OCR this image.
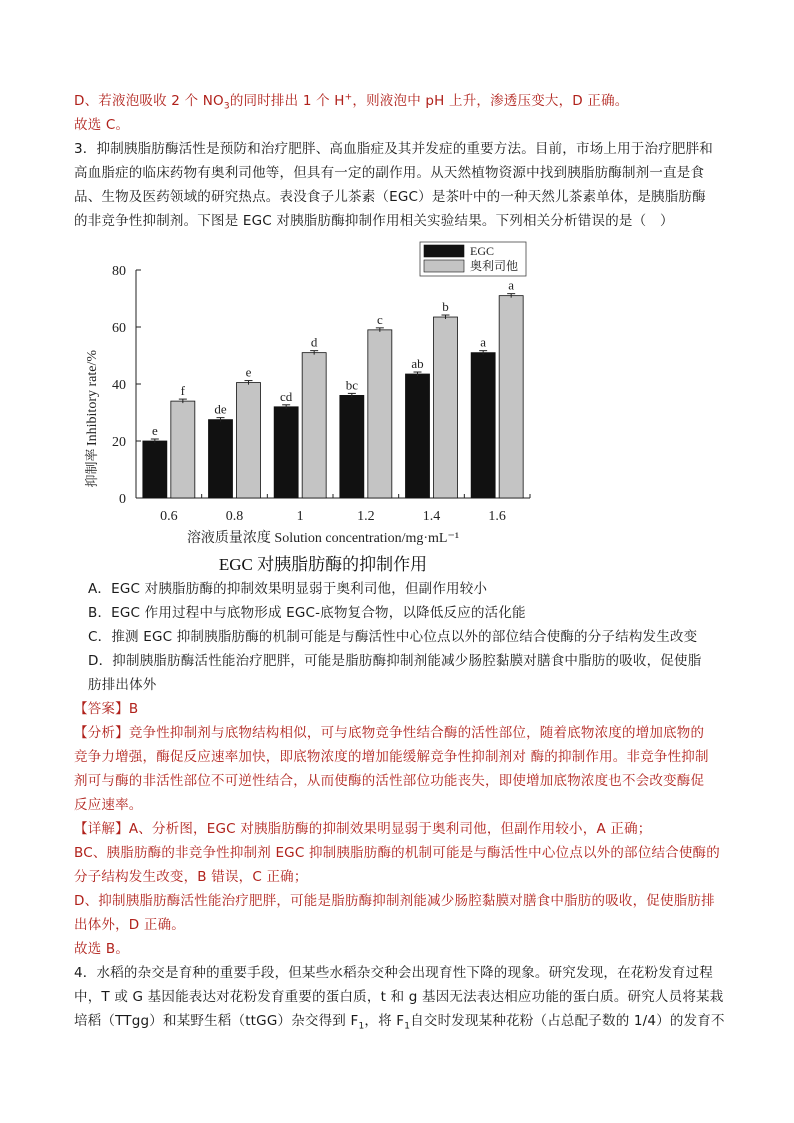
D、若液泡吸收 2 个 $NO_3$的同时排出 1 个 H+，则液泡中 pH 上升，渗透压变大，D 正确。
故选 C。
3．抑制胰脂肪酶活性是预防和治疗肥胖、高血脂症及其并发症的重要方法。目前，市场上用于治疗肥胖和
高血脂症的临床药物有奥利司他等，但具有一定的副作用。从天然植物资源中找到胰脂肪酶制剂一直是食
品、生物及医药领域的研究热点。表没食子儿茶素（EGC）是茶叶中的一种天然儿茶素单体，是胰脂肪酶
的非竞争性抑制剂。下图是 EGC 对胰脂肪酶抑制作用相关实验结果。下列相关分析错误的是（　）
0
20
40
60
80
0.6
e
f
0.8
de
e
1
cd
d
1.2
bc
c
1.4
ab
b
1.6
a
a
Inhibitory rate/%
抑制率
溶液质量浓度 Solution concentration/mg·mL⁻¹
EGC 对胰脂肪酶的抑制作用
EGC
奥利司他
A．EGC 对胰脂肪酶的抑制效果明显弱于奥利司他，但副作用较小
B．EGC 作用过程中与底物形成 EGC-底物复合物，以降低反应的活化能
C．推测 EGC 抑制胰脂肪酶的机制可能是与酶活性中心位点以外的部位结合使酶的分子结构发生改变
D．抑制胰脂肪酶活性能治疗肥胖，可能是脂肪酶抑制剂能减少肠腔黏膜对膳食中脂肪的吸收，促使脂
肪排出体外
【答案】B
【分析】竞争性抑制剂与底物结构相似，可与底物竞争性结合酶的活性部位，随着底物浓度的增加底物的
竞争力增强，酶促反应速率加快，即底物浓度的增加能缓解竞争性抑制剂对 酶的抑制作用。非竞争性抑制
剂可与酶的非活性部位不可逆性结合，从而使酶的活性部位功能丧失，即使增加底物浓度也不会改变酶促
反应速率。
【详解】A、分析图，EGC 对胰脂肪酶的抑制效果明显弱于奥利司他，但副作用较小，A 正确；
BC、胰脂肪酶的非竞争性抑制剂 EGC 抑制胰脂肪酶的机制可能是与酶活性中心位点以外的部位结合使酶的
分子结构发生改变，B 错误，C 正确；
D、抑制胰脂肪酶活性能治疗肥胖，可能是脂肪酶抑制剂能减少肠腔黏膜对膳食中脂肪的吸收，促使脂肪排
出体外，D 正确。
故选 B。
4．水稻的杂交是育种的重要手段，但某些水稻杂交种会出现育性下降的现象。研究发现，在花粉发育过程
中，T 或 G 基因能表达对花粉发育重要的蛋白质，t 和 g 基因无法表达相应功能的蛋白质。研究人员将某栽
培稻（TTgg）和某野生稻（ttGG）杂交得到 $F_1$，将 $F_1$自交时发现某种花粉（占总配子数的 1/4）的发育不
